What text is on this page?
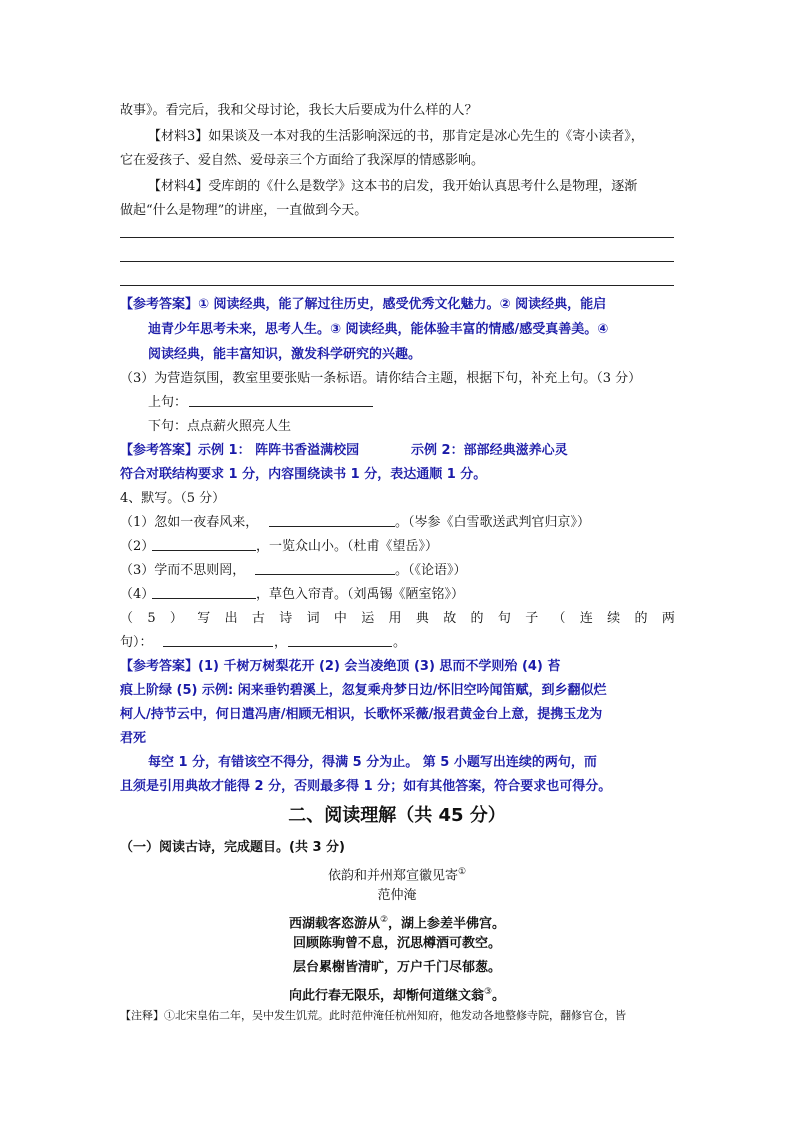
故事》。看完后，我和父母讨论，我长大后要成为什么样的人？
【材料3】如果谈及一本对我的生活影响深远的书，那肯定是冰心先生的《寄小读者》，
它在爱孩子、爱自然、爱母亲三个方面给了我深厚的情感影响。
【材料4】受库朗的《什么是数学》这本书的启发，我开始认真思考什么是物理，逐渐
做起“什么是物理”的讲座，一直做到今天。
【参考答案】① 阅读经典，能了解过往历史，感受优秀文化魅力。② 阅读经典，能启
迪青少年思考未来，思考人生。③ 阅读经典，能体验丰富的情感/感受真善美。④
阅读经典，能丰富知识，激发科学研究的兴趣。
（3）为营造氛围，教室里要张贴一条标语。请你结合主题，根据下句，补充上句。（3 分）
上句：
下句：点点薪火照亮人生
【参考答案】示例 1： 阵阵书香溢满校园	示例 2：部部经典滋养心灵
符合对联结构要求 1 分，内容围绕读书 1 分，表达通顺 1 分。
4、默写。（5 分）
（1）忽如一夜春风来，	。（岑参《白雪歌送武判官归京》）
（2）	，一览众山小。（杜甫《望岳》）
（3）学而不思则罔，	。（《论语》）
（4）	，草色入帘青。（刘禹锡《陋室铭》）
（ 5 ） 写 出 古 诗 词 中 运 用 典 故 的 句 子 （ 连 续 的 两
句）：	，	。
【参考答案】(1) 千树万树梨花开 (2) 会当凌绝顶 (3) 思而不学则殆 (4) 苔
痕上阶绿 (5) 示例: 闲来垂钓碧溪上，忽复乘舟梦日边/怀旧空吟闻笛赋，到乡翻似烂
柯人/持节云中，何日遣冯唐/相顾无相识，长歌怀采薇/报君黄金台上意，提携玉龙为
君死
每空 1 分，有错该空不得分，得满 5 分为止。 第 5 小题写出连续的两句，而
且须是引用典故才能得 2 分，否则最多得 1 分；如有其他答案，符合要求也可得分。
二、阅读理解（共 45 分）
（一）阅读古诗，完成题目。(共 3 分)
依韵和并州郑宣徽见寄①
范仲淹
西湖载客恣游从②，湖上参差半佛宫。
回顾陈驹曾不息，沉思樽酒可教空。
层台累榭皆清旷，万户千门尽郁葱。
向此行春无限乐，却惭何道继文翁③。
【注释】①北宋皇佑二年，吴中发生饥荒。此时范仲淹任杭州知府，他发动各地整修寺院，翻修官仓，皆
